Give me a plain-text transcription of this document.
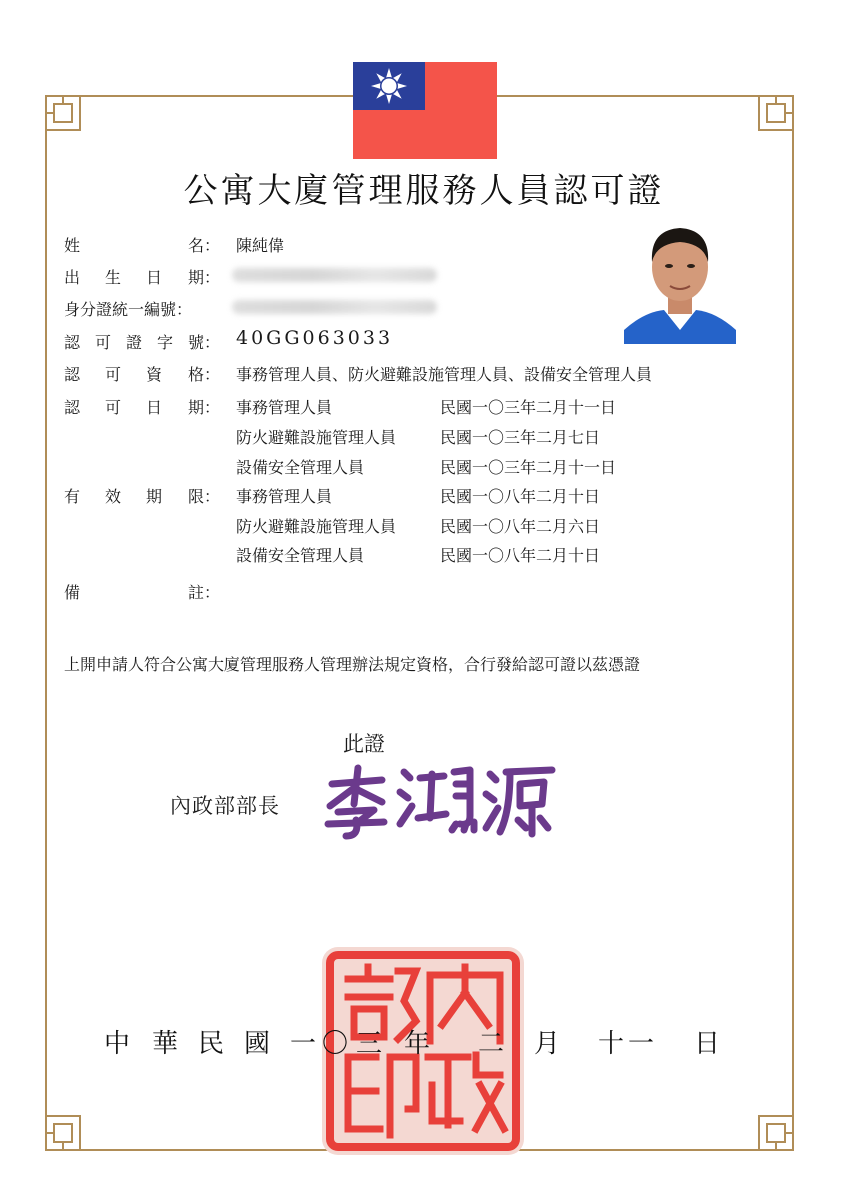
公寓大廈管理服務人員認可證
姓	名： 陳純偉
出 生 日 期：
身分證統一編號：
認 可 證 字 號： 40GG063033
認 可 資 格： 事務管理人員、防火避難設施管理人員、設備安全管理人員
認 可 日 期： 事務管理人員	民國一〇三年二月十一日
防火避難設施管理人員	民國一〇三年二月七日
設備安全管理人員	民國一〇三年二月十一日
有 效 期 限： 事務管理人員	民國一〇八年二月十日
防火避難設施管理人員	民國一〇八年二月六日
設備安全管理人員	民國一〇八年二月十日
備	註：
上開申請人符合公寓大廈管理服務人管理辦法規定資格，合行發給認可證以茲憑證
此證
內政部部長
中 華 民 國 一 〇 三 年 二 月 十 一 日
